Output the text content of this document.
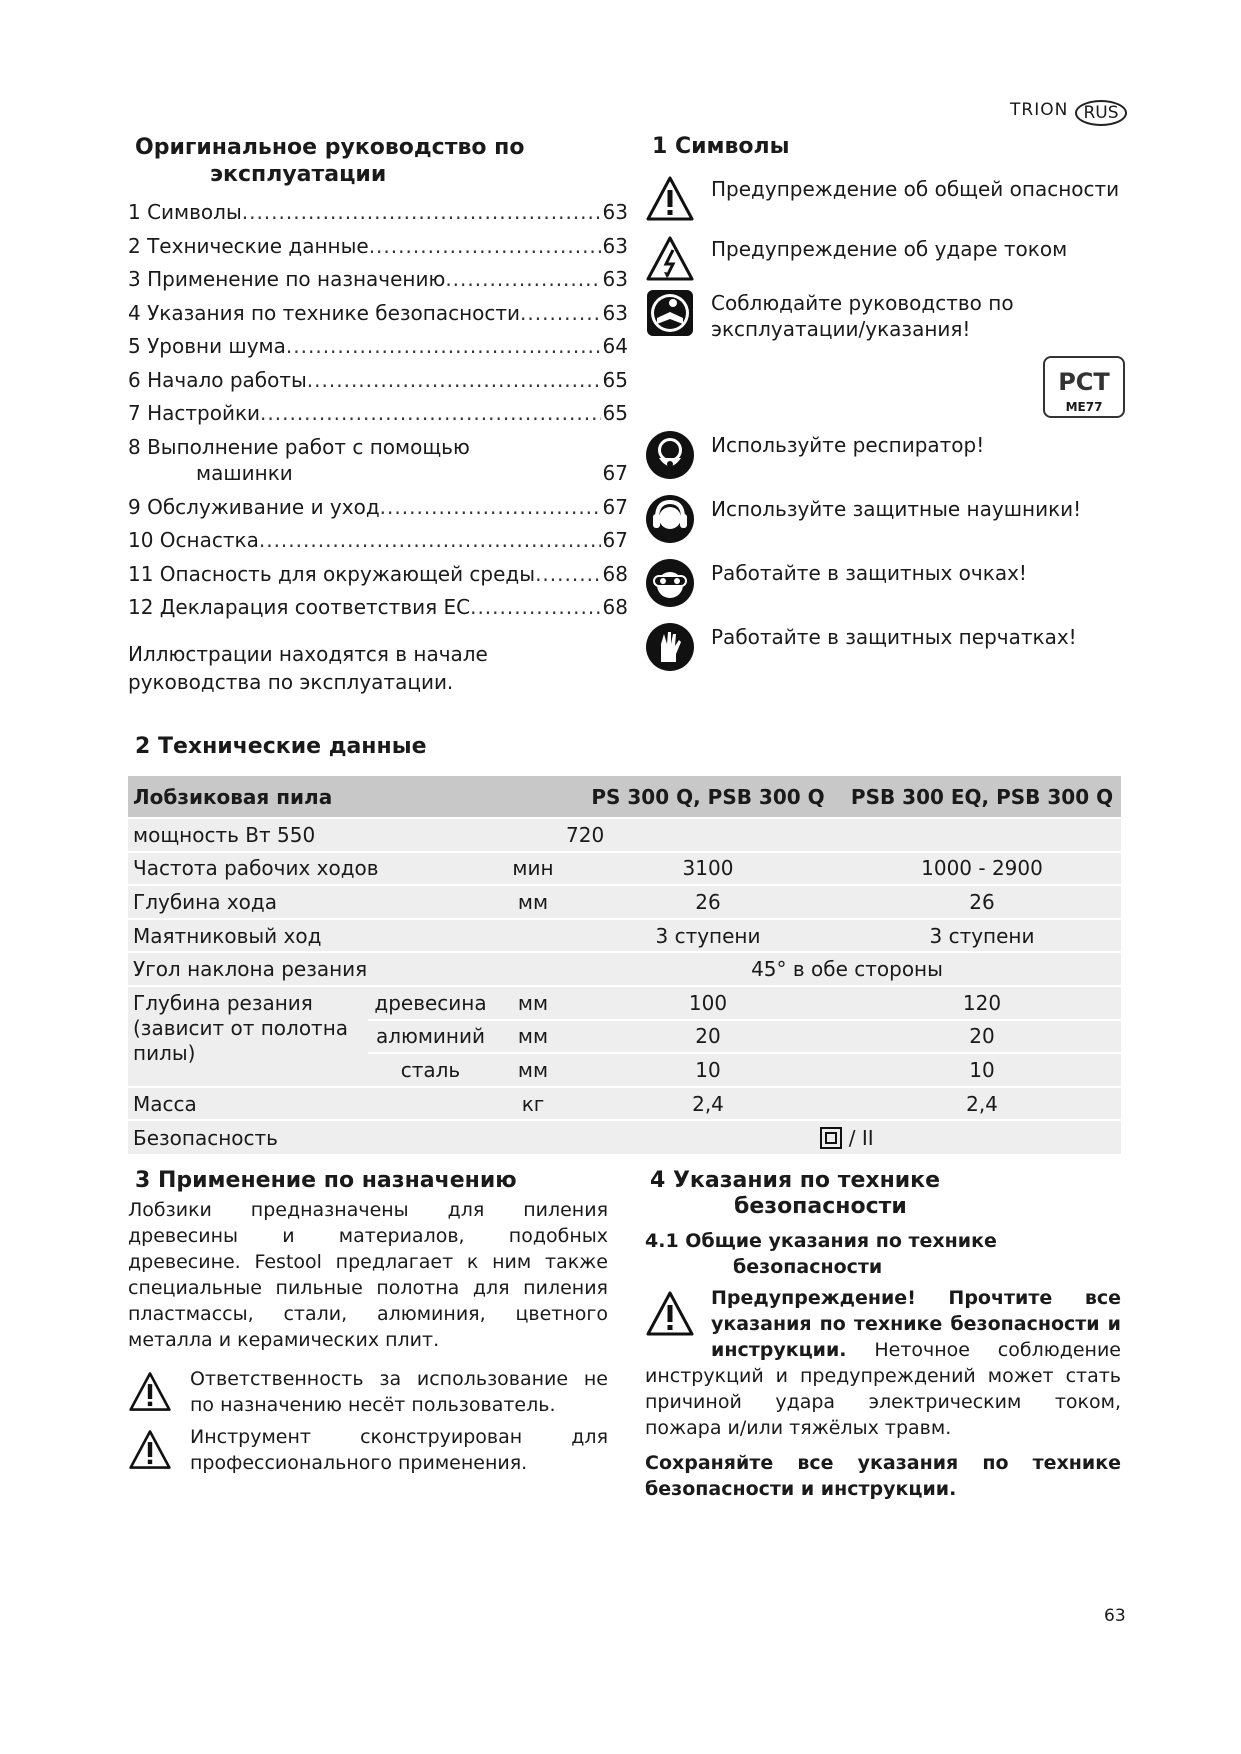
TRION RUS
Оригинальное руководство по
эксплуатации
1 Символы .....	63
2 Технические данные .....	63
3 Применение по назначению .....	63
4 Указания по технике безопасности .....	63
5 Уровни шума .....	64
6 Начало работы .....	65
7 Настройки .....	65
8 Выполнение работ с помощью
машинки	67
9 Обслуживание и уход .....	67
10 Оснастка .....	67
11 Опасность для окружающей среды .....	68
12 Декларация соответствия ЕС .....	68
Иллюстрации находятся в начале руководства по эксплуатации.
1 Символы
Предупреждение об общей опасности
Предупреждение об ударе током
Соблюдайте руководство по эксплуатации/указания!
РСТ
ME77
Используйте респиратор!
Используйте защитные наушники!
Работайте в защитных очках!
Работайте в защитных перчатках!
2 Технические данные
Лобзиковая пила			PS 300 Q, PSB 300 Q	PSB 300 EQ, PSB 300 Q
мощность Вт 550		720		
Частота рабочих ходов		мин	3100	1000 - 2900
Глубина хода		мм	26	26
Маятниковый ход			3 ступени	3 ступени
Угол наклона резания			45° в обе стороны	
Глубина резания (зависит от полотна пилы)	древесина	мм	100	120
	алюминий	мм	20	20
	сталь	мм	10	10
Масса		кг	2,4	2,4
Безопасность			/ II	
3 Применение по назначению
Лобзики предназначены для пиления древесины и материалов, подобных древесине. Festool предлагает к ним также специальные пильные полотна для пиления пластмассы, стали, алюминия, цветного металла и керамических плит.
Ответственность за использование не по назначению несёт пользователь.
Инструмент сконструирован для профессионального применения.
4 Указания по технике
безопасности
4.1 Общие указания по технике
безопасности
Предупреждение! Прочтите все указания по технике безопасности и инструкции. Неточное соблюдение инструкций и предупреждений может стать причиной удара электрическим током, пожара и/или тяжёлых травм.
Сохраняйте все указания по технике безопасности и инструкции.
63
